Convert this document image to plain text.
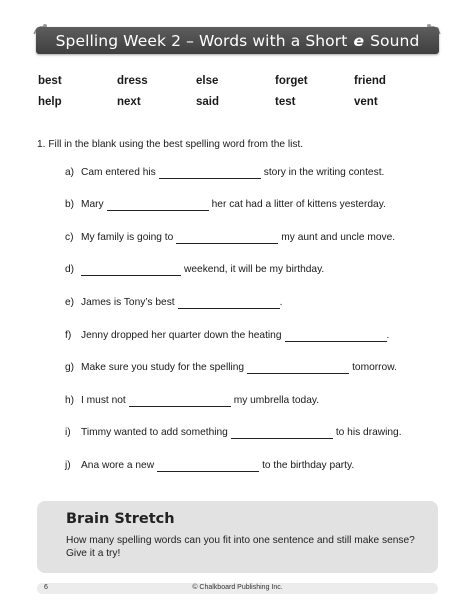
Spelling Week 2 – Words with a Short e Sound
best	dress	else	forget	friend
help	next	said	test	vent
1. Fill in the blank using the best spelling word from the list.
a) Cam entered his	story in the writing contest.
b) Mary	her cat had a litter of kittens yesterday.
c) My family is going to	my aunt and uncle move.
d)	weekend, it will be my birthday.
e) James is Tony’s best	.
f) Jenny dropped her quarter down the heating	.
g) Make sure you study for the spelling	tomorrow.
h) I must not	my umbrella today.
i)	Timmy wanted to add something	to his drawing.
j)	Ana wore a new	to the birthday party.
Brain Stretch
How many spelling words can you fit into one sentence and still make sense? Give it a try!
6	© Chalkboard Publishing Inc.
